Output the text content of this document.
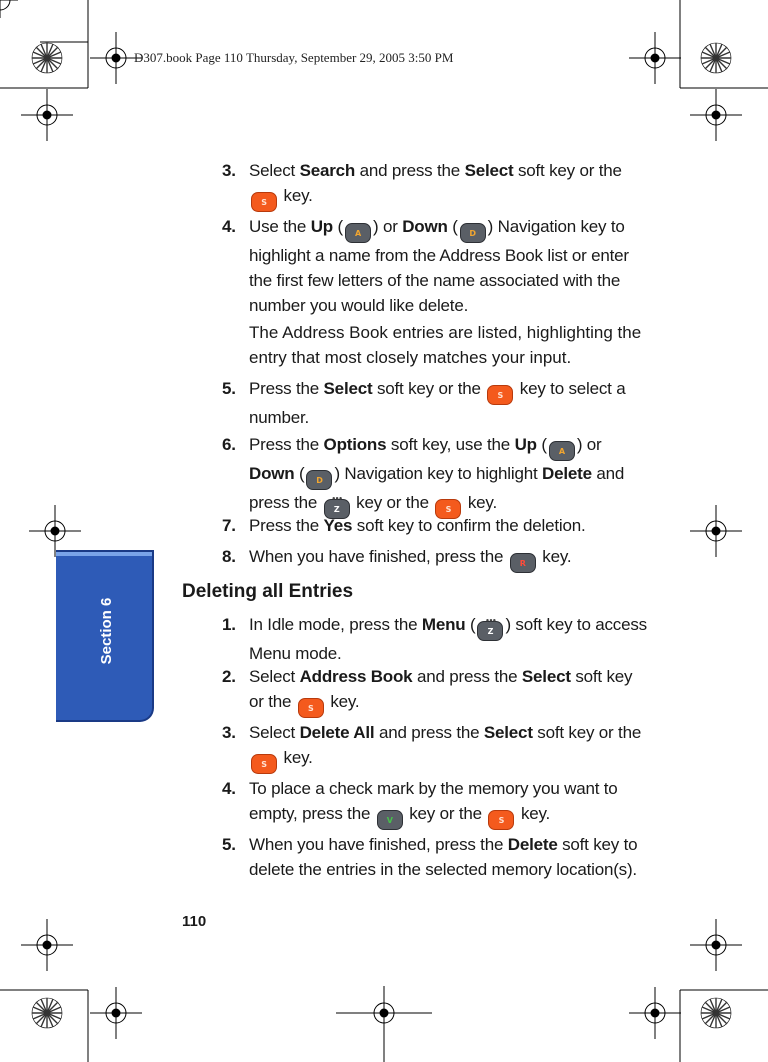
D307.book Page 110 Thursday, September 29, 2005 3:50 PM
Section 6
3. Select Search and press the Select soft key or the S key.
4. Use the Up ( A ) or Down ( D ) Navigation key to highlight a name from the Address Book list or enter the first few letters of the name associated with the number you would like delete.
The Address Book entries are listed, highlighting the entry that most closely matches your input.
5. Press the Select soft key or the S key to select a number.
6. Press the Options soft key, use the Up ( A ) or
Down ( D ) Navigation key to highlight Delete and press the ••• Z key or the S key.
7. Press the Yes soft key to confirm the deletion.
8. When you have finished, press the R key.
Deleting all Entries
1. In Idle mode, press the Menu (••• Z ) soft key to access Menu mode.
2. Select Address Book and press the Select soft key or the S key.
3. Select Delete All and press the Select soft key or the S key.
4. To place a check mark by the memory you want to empty, press the V key or the S key.
5. When you have finished, press the Delete soft key to delete the entries in the selected memory location(s).
110
